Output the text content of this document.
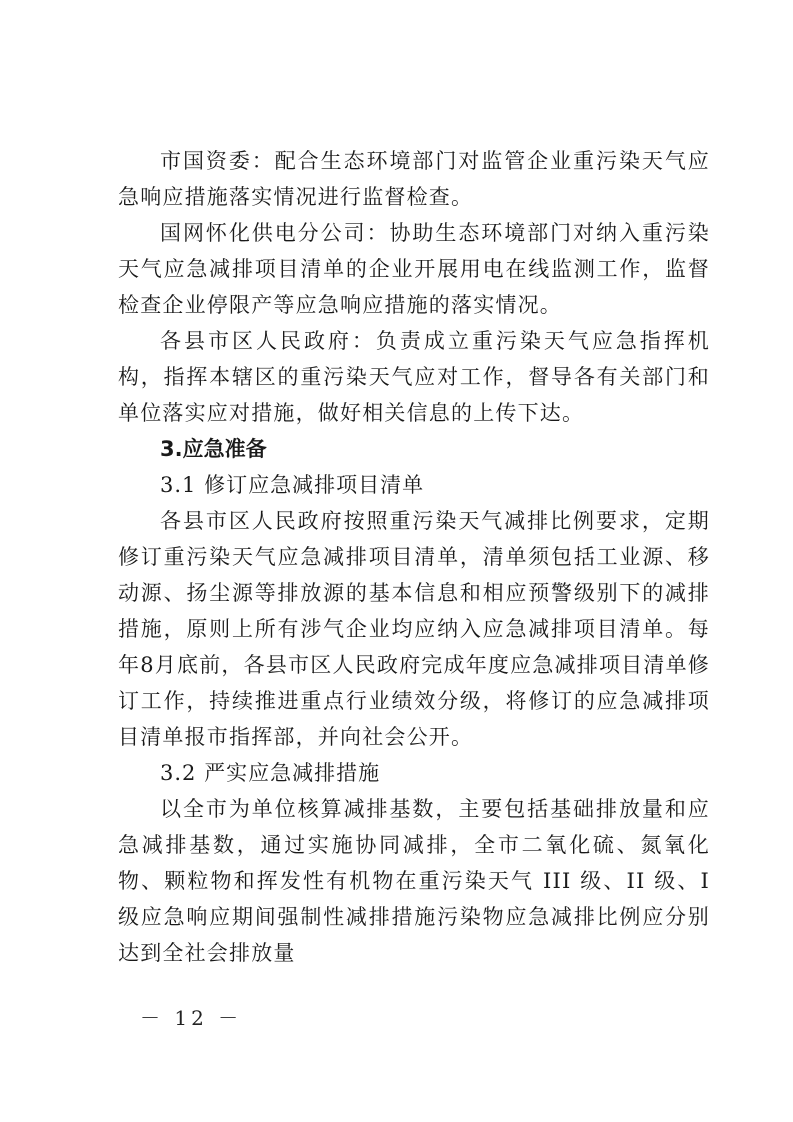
市国资委：配合生态环境部门对监管企业重污染天气应急响应措施落实情况进行监督检查。

国网怀化供电分公司：协助生态环境部门对纳入重污染天气应急减排项目清单的企业开展用电在线监测工作，监督检查企业停限产等应急响应措施的落实情况。

各县市区人民政府：负责成立重污染天气应急指挥机构，指挥本辖区的重污染天气应对工作，督导各有关部门和单位落实应对措施，做好相关信息的上传下达。

3.应急准备

3.1 修订应急减排项目清单

各县市区人民政府按照重污染天气减排比例要求，定期修订重污染天气应急减排项目清单，清单须包括工业源、移动源、扬尘源等排放源的基本信息和相应预警级别下的减排措施，原则上所有涉气企业均应纳入应急减排项目清单。每年8月底前，各县市区人民政府完成年度应急减排项目清单修订工作，持续推进重点行业绩效分级，将修订的应急减排项目清单报市指挥部，并向社会公开。

3.2 严实应急减排措施

以全市为单位核算减排基数，主要包括基础排放量和应急减排基数，通过实施协同减排，全市二氧化硫、氮氧化物、颗粒物和挥发性有机物在重污染天气 III 级、II 级、I 级应急响应期间强制性减排措施污染物应急减排比例应分别达到全社会排放量

－ 12 －
